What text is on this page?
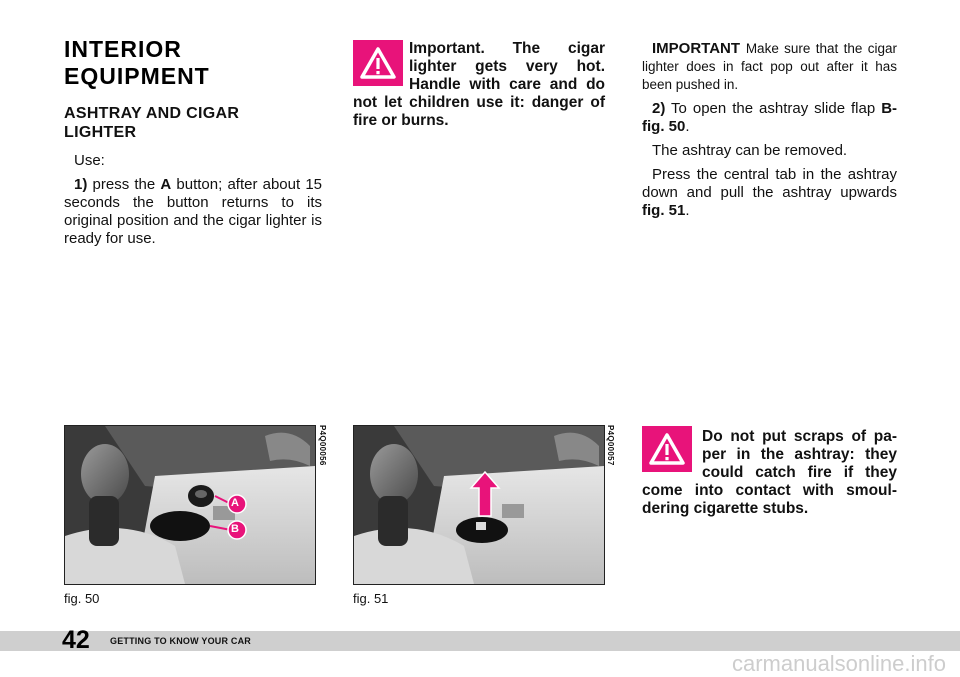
INTERIOR
EQUIPMENT
ASHTRAY AND CIGAR
LIGHTER

Use:

1) press the A button; after about 15 seconds the button returns to its original position and the cigar lighter is ready for use.

Important. The cigar lighter gets very hot. Handle with care and do not let children use it: danger of fire or burns.

IMPORTANT Make sure that the cigar lighter does in fact pop out after it has been pushed in.

2) To open the ashtray slide flap B-fig. 50.

The ashtray can be removed.

Press the central tab in the ashtray down and pull the ashtray upwards fig. 51.

Do not put scraps of pa- per in the ashtray: they could catch fire if they come into contact with smoul- dering cigarette stubs.
A
B
P4Q00056
fig. 50
P4Q00057
fig. 51
42 GETTING TO KNOW YOUR CAR
carmanualsonline.info
